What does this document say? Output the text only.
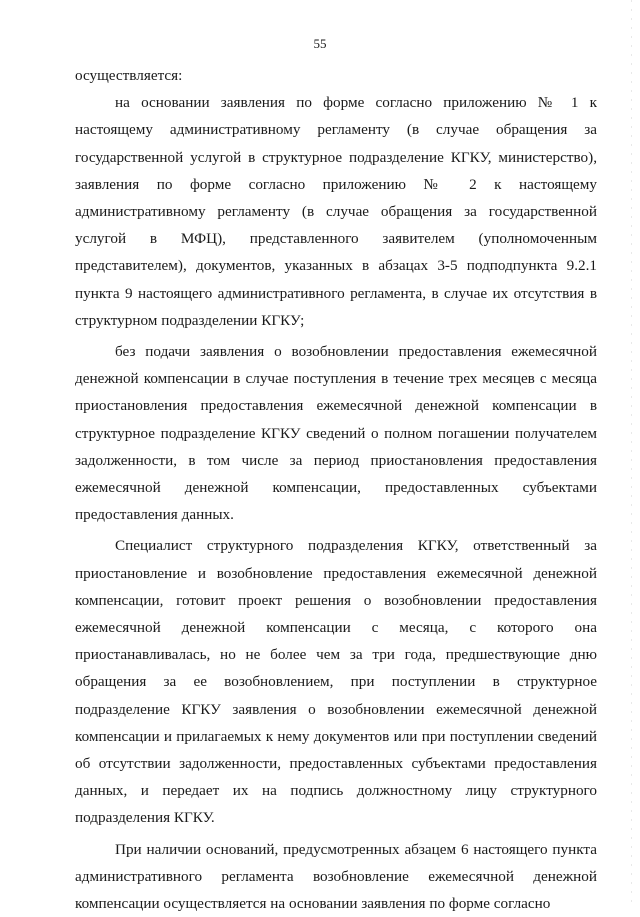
55

осуществляется:

на основании заявления по форме согласно приложению № 1 к настоящему административному регламенту (в случае обращения за государственной услугой в структурное подразделение КГКУ, министерство), заявления по форме согласно приложению № 2 к настоящему административному регламенту (в случае обращения за государственной услугой в МФЦ), представленного заявителем (уполномоченным представителем), документов, указанных в абзацах 3-5 подподпункта 9.2.1 пункта 9 настоящего административного регламента, в случае их отсутствия в структурном подразделении КГКУ;

без подачи заявления о возобновлении предоставления ежемесячной денежной компенсации в случае поступления в течение трех месяцев с месяца приостановления предоставления ежемесячной денежной компенсации в структурное подразделение КГКУ сведений о полном погашении получателем задолженности, в том числе за период приостановления предоставления ежемесячной денежной компенсации, предоставленных субъектами предоставления данных.

Специалист структурного подразделения КГКУ, ответственный за приостановление и возобновление предоставления ежемесячной денежной компенсации, готовит проект решения о возобновлении предоставления ежемесячной денежной компенсации с месяца, с которого она приостанавливалась, но не более чем за три года, предшествующие дню обращения за ее возобновлением, при поступлении в структурное подразделение КГКУ заявления о возобновлении ежемесячной денежной компенсации и прилагаемых к нему документов или при поступлении сведений об отсутствии задолженности, предоставленных субъектами предоставления данных, и передает их на подпись должностному лицу структурного подразделения КГКУ.

При наличии оснований, предусмотренных абзацем 6 настоящего пункта административного регламента возобновление ежемесячной денежной компенсации осуществляется на основании заявления по форме согласно
